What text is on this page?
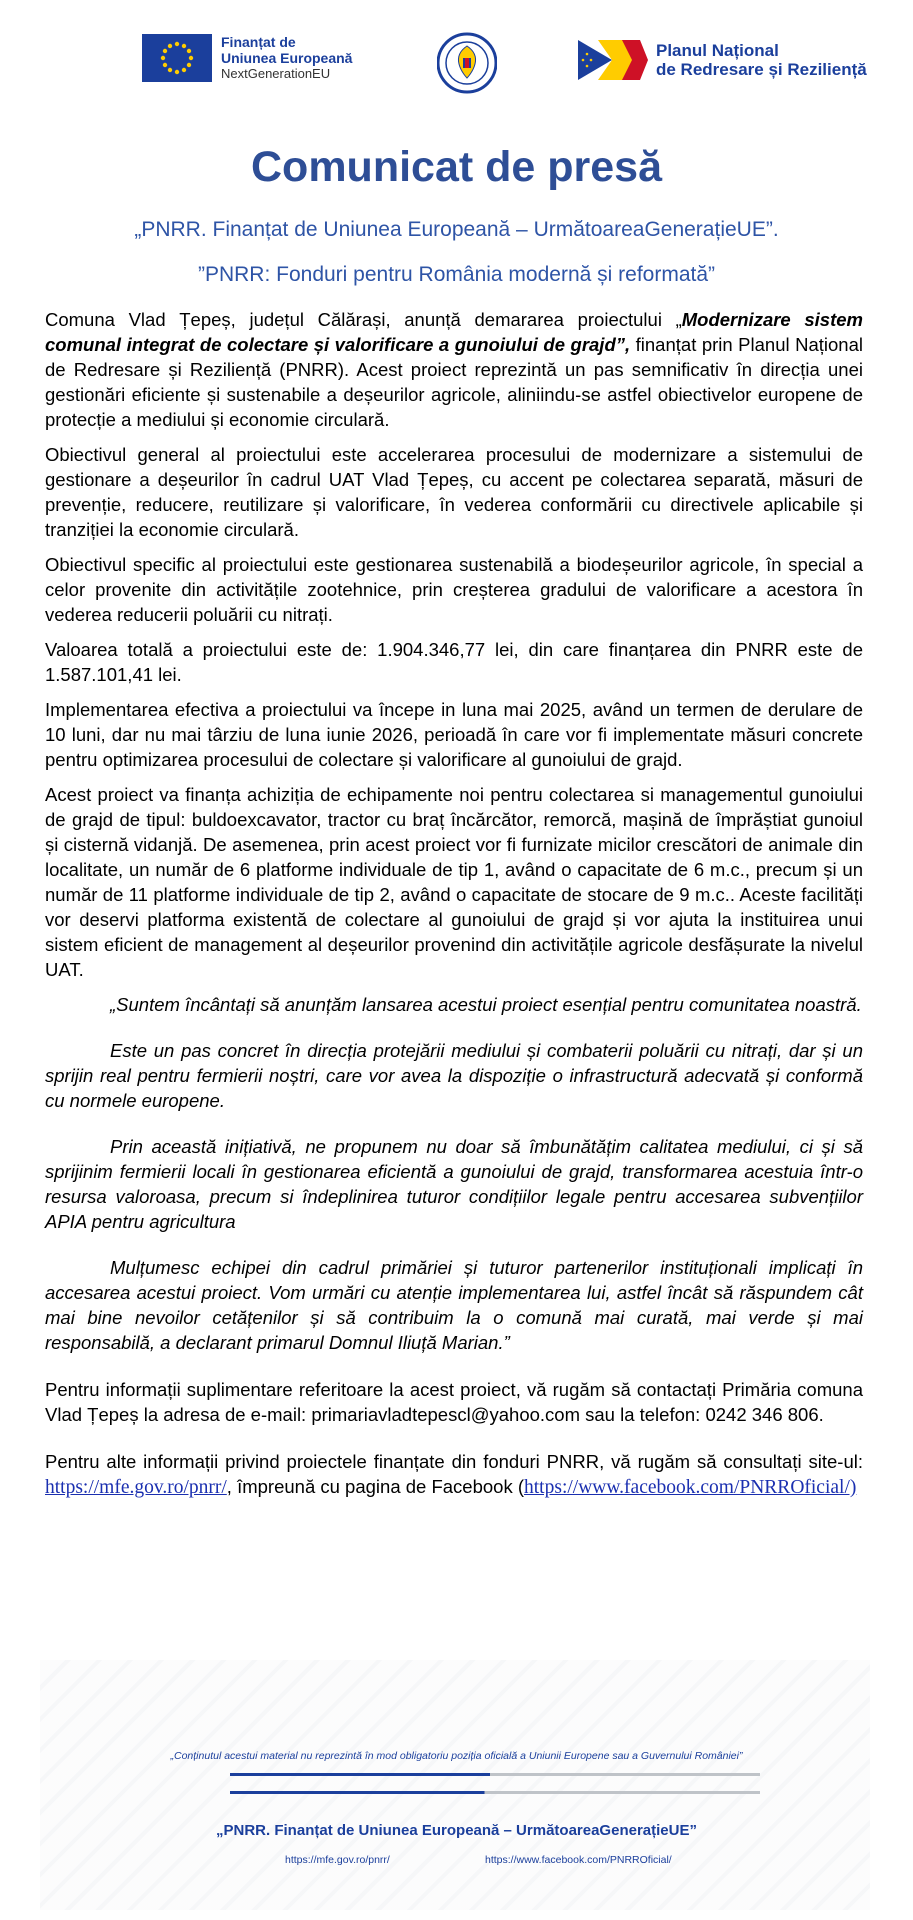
Finanțat de
Uniunea Europeană
NextGenerationEU
Planul Național
de Redresare și Reziliență
Comunicat de presă
„PNRR. Finanțat de Uniunea Europeană – UrmătoareaGenerațieUE”.
”PNRR: Fonduri pentru România modernă și reformată”

Comuna Vlad Țepeș, județul Călărași, anunță demararea proiectului „Modernizare sistem comunal integrat de colectare și valorificare a gunoiului de grajd”, finanțat prin Planul Național de Redresare și Reziliență (PNRR). Acest proiect reprezintă un pas semnificativ în direcția unei gestionări eficiente și sustenabile a deșeurilor agricole, aliniindu-se astfel obiectivelor europene de protecție a mediului și economie circulară.

Obiectivul general al proiectului este accelerarea procesului de modernizare a sistemului de gestionare a deșeurilor în cadrul UAT Vlad Țepeș, cu accent pe colectarea separată, măsuri de prevenție, reducere, reutilizare și valorificare, în vederea conformării cu directivele aplicabile și tranziției la economie circulară.

Obiectivul specific al proiectului este gestionarea sustenabilă a biodeșeurilor agricole, în special a celor provenite din activitățile zootehnice, prin creșterea gradului de valorificare a acestora în vederea reducerii poluării cu nitrați.

Valoarea totală a proiectului este de: 1.904.346,77 lei, din care finanțarea din PNRR este de 1.587.101,41 lei.

Implementarea efectiva a proiectului va începe in luna mai 2025, având un termen de derulare de 10 luni, dar nu mai târziu de luna iunie 2026, perioadă în care vor fi implementate măsuri concrete pentru optimizarea procesului de colectare și valorificare al gunoiului de grajd.

Acest proiect va finanța achiziția de echipamente noi pentru colectarea si managementul gunoiului de grajd de tipul: buldoexcavator, tractor cu braț încărcător, remorcă, mașină de împrăștiat gunoiul și cisternă vidanjă. De asemenea, prin acest proiect vor fi furnizate micilor crescători de animale din localitate, un număr de 6 platforme individuale de tip 1, având o capacitate de 6 m.c., precum și un număr de 11 platforme individuale de tip 2, având o capacitate de stocare de 9 m.c.. Aceste facilități vor deservi platforma existentă de colectare al gunoiului de grajd și vor ajuta la instituirea unui sistem eficient de management al deșeurilor provenind din activitățile agricole desfășurate la nivelul UAT.

„Suntem încântați să anunțăm lansarea acestui proiect esențial pentru comunitatea noastră.

Este un pas concret în direcția protejării mediului și combaterii poluării cu nitrați, dar și un sprijin real pentru fermierii noștri, care vor avea la dispoziție o infrastructură adecvată și conformă cu normele europene.

Prin această inițiativă, ne propunem nu doar să îmbunătățim calitatea mediului, ci și să sprijinim fermierii locali în gestionarea eficientă a gunoiului de grajd, transformarea acestuia într-o resursa valoroasa, precum si îndeplinirea tuturor condițiilor legale pentru accesarea subvențiilor APIA pentru agricultura

Mulțumesc echipei din cadrul primăriei și tuturor partenerilor instituționali implicați în accesarea acestui proiect. Vom urmări cu atenție implementarea lui, astfel încât să răspundem cât mai bine nevoilor cetățenilor și să contribuim la o comună mai curată, mai verde și mai responsabilă, a declarant primarul Domnul Iliuță Marian.”

Pentru informații suplimentare referitoare la acest proiect, vă rugăm să contactați Primăria comuna Vlad Țepeș la adresa de e-mail: primariavladtepescl@yahoo.com sau la telefon: 0242 346 806.

Pentru alte informații privind proiectele finanțate din fonduri PNRR, vă rugăm să consultați site-ul: https://mfe.gov.ro/pnrr/, împreună cu pagina de Facebook (https://www.facebook.com/PNRROficial/)

„Conținutul acestui material nu reprezintă în mod obligatoriu poziția oficială a Uniunii Europene sau a Guvernului României”
„PNRR. Finanțat de Uniunea Europeană – UrmătoareaGenerațieUE”
https://mfe.gov.ro/pnrr/	https://www.facebook.com/PNRROficial/
